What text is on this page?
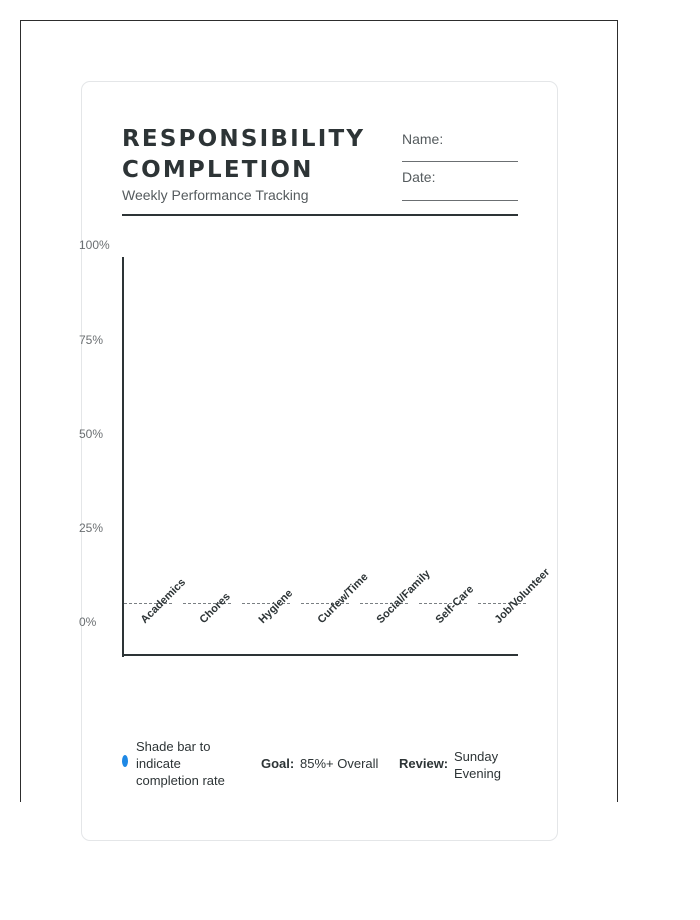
RESPONSIBILITY
COMPLETION
Weekly Performance Tracking
Name:
Date:
100%
75%
50%
25%
0%	Academics Chores Hygiene Curfew/Time Social/Family Self-Care Job/Volunteer
Shade bar to indicate completion rate
Goal: 85%+ Overall Review: Sunday Evening
